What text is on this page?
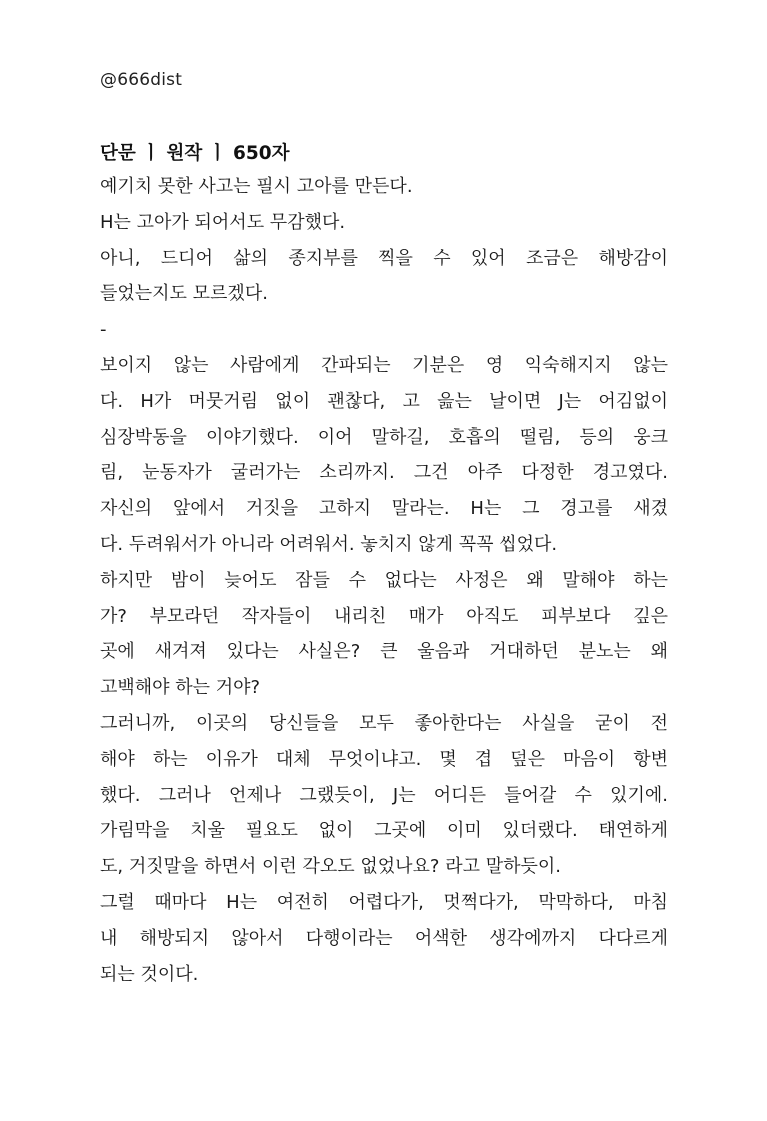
@666dist
단문 ㅣ 원작 ㅣ 650자
예기치 못한 사고는 필시 고아를 만든다.
H는 고아가 되어서도 무감했다.
아니, 드디어 삶의 종지부를 찍을 수 있어 조금은 해방감이
들었는지도 모르겠다.
-
보이지 않는 사람에게 간파되는 기분은 영 익숙해지지 않는
다. H가 머뭇거림 없이 괜찮다, 고 읊는 날이면 J는 어김없이
심장박동을 이야기했다. 이어 말하길, 호흡의 떨림, 등의 웅크
림, 눈동자가 굴러가는 소리까지. 그건 아주 다정한 경고였다.
자신의 앞에서 거짓을 고하지 말라는. H는 그 경고를 새겼
다. 두려워서가 아니라 어려워서. 놓치지 않게 꼭꼭 씹었다.
하지만 밤이 늦어도 잠들 수 없다는 사정은 왜 말해야 하는
가? 부모라던 작자들이 내리친 매가 아직도 피부보다 깊은
곳에 새겨져 있다는 사실은? 큰 울음과 거대하던 분노는 왜
고백해야 하는 거야?
그러니까, 이곳의 당신들을 모두 좋아한다는 사실을 굳이 전
해야 하는 이유가 대체 무엇이냐고. 몇 겹 덮은 마음이 항변
했다. 그러나 언제나 그랬듯이, J는 어디든 들어갈 수 있기에.
가림막을 치울 필요도 없이 그곳에 이미 있더랬다. 태연하게
도, 거짓말을 하면서 이런 각오도 없었나요? 라고 말하듯이.
그럴 때마다 H는 여전히 어렵다가, 멋쩍다가, 막막하다, 마침
내 해방되지 않아서 다행이라는 어색한 생각에까지 다다르게
되는 것이다.
